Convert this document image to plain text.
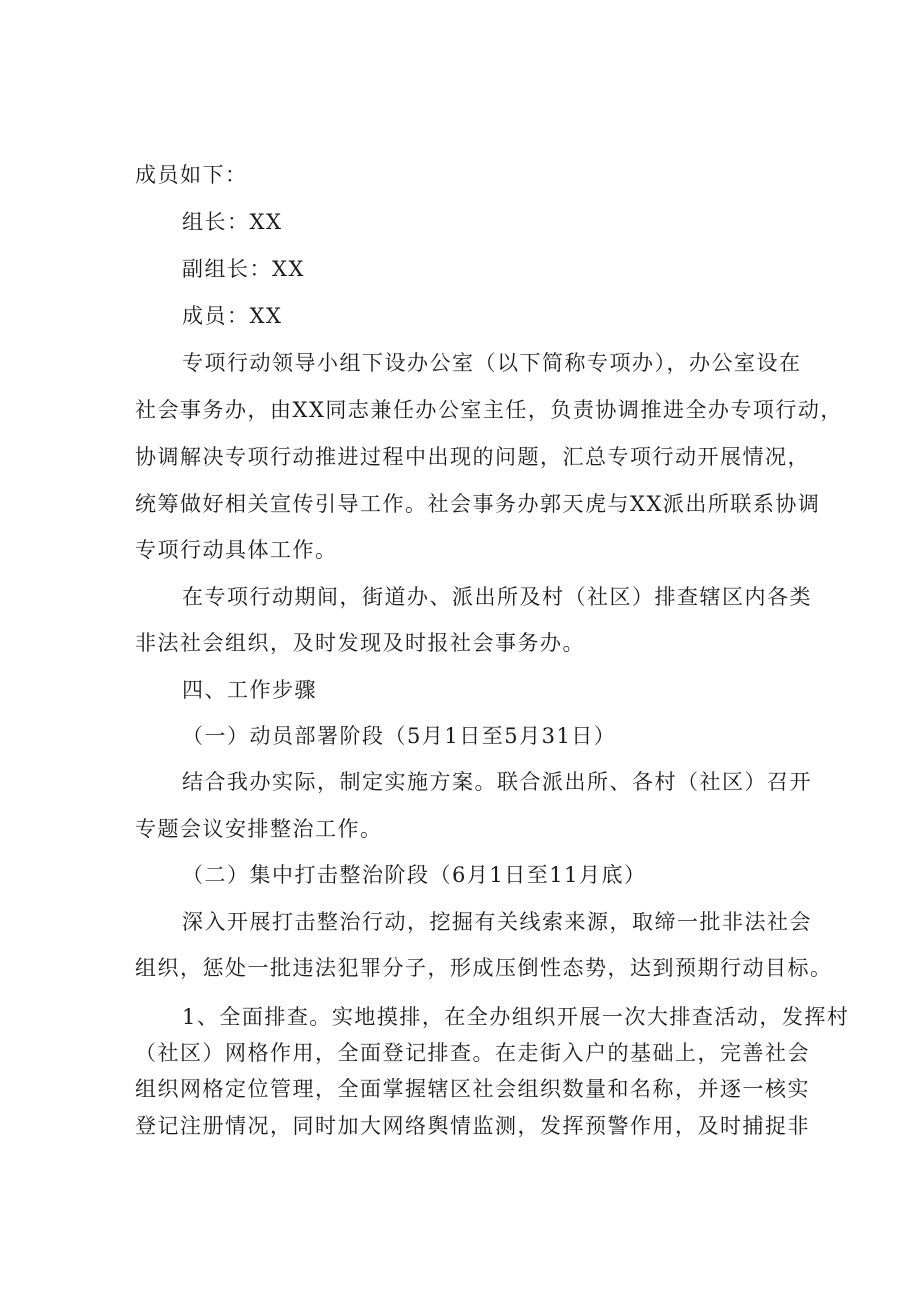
成员如下：
组长：XX
副组长：XX
成员：XX
专项行动领导小组下设办公室（以下简称专项办），办公室设在
社会事务办，由XX同志兼任办公室主任，负责协调推进全办专项行动，
协调解决专项行动推进过程中出现的问题，汇总专项行动开展情况，
统筹做好相关宣传引导工作。社会事务办郭天虎与XX派出所联系协调
专项行动具体工作。
在专项行动期间，街道办、派出所及村（社区）排查辖区内各类
非法社会组织，及时发现及时报社会事务办。
四、工作步骤
（一）动员部署阶段（5月1日至5月31日）
结合我办实际，制定实施方案。联合派出所、各村（社区）召开
专题会议安排整治工作。
（二）集中打击整治阶段（6月1日至11月底）
深入开展打击整治行动，挖掘有关线索来源，取缔一批非法社会
组织，惩处一批违法犯罪分子，形成压倒性态势，达到预期行动目标。
1、全面排查。实地摸排，在全办组织开展一次大排查活动，发挥村
（社区）网格作用，全面登记排查。在走街入户的基础上，完善社会
组织网格定位管理，全面掌握辖区社会组织数量和名称，并逐一核实
登记注册情况，同时加大网络舆情监测，发挥预警作用，及时捕捉非
